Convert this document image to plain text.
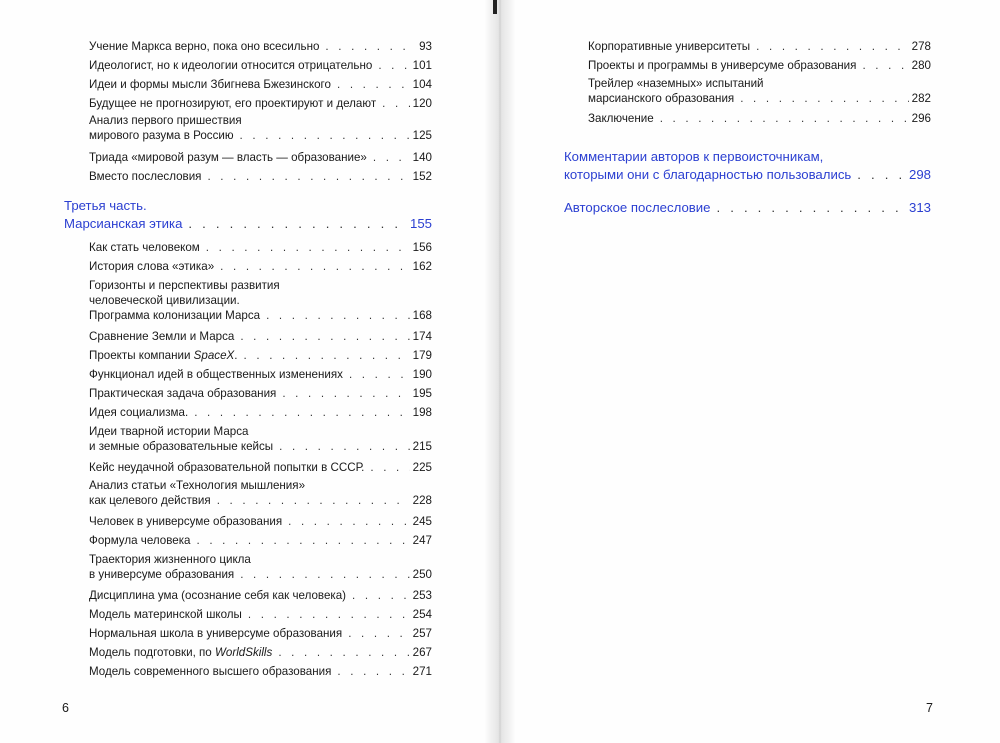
Учение Маркса верно, пока оно всесильно . . .	93
Идеологист, но к идеологии относится отрицательно . . .	101
Идеи и формы мысли Збигнева Бжезинского . . .	104
Будущее не прогнозируют, его проектируют и делают . . .	120
Анализ первого пришествия
мирового разума в Россию . . .	125
Триада «мировой разум — власть — образование» . . .	140
Вместо послесловия . . .	152
Третья часть.
Марсианская этика . . .	155
Как стать человеком . . .	156
История слова «этика» . . .	162
Горизонты и перспективы развития
человеческой цивилизации.
Программа колонизации Марса . . .	168
Сравнение Земли и Марса . . .	174
Проекты компании SpaceX. . . .	179
Функционал идей в общественных изменениях . . .	190
Практическая задача образования . . .	195
Идея социализма. . . .	198
Идеи тварной истории Марса
и земные образовательные кейсы . . .	215
Кейс неудачной образовательной попытки в СССР. . . .	225
Анализ статьи «Технология мышления»
как целевого действия . . .	228
Человек в универсуме образования . . .	245
Формула человека . . .	247
Траектория жизненного цикла
в универсуме образования . . .	250
Дисциплина ума (осознание себя как человека) . . .	253
Модель материнской школы . . .	254
Нормальная школа в универсуме образования . . .	257
Модель подготовки, по WorldSkills . . .	267
Модель современного высшего образования . . .	271
6
Корпоративные университеты . . .	278
Проекты и программы в универсуме образования . . .	280
Трейлер «наземных» испытаний
марсианского образования . . .	282
Заключение . . .	296
Комментарии авторов к первоисточникам,
которыми они с благодарностью пользовались . . .	298
Авторское послесловие . . .	313
7
